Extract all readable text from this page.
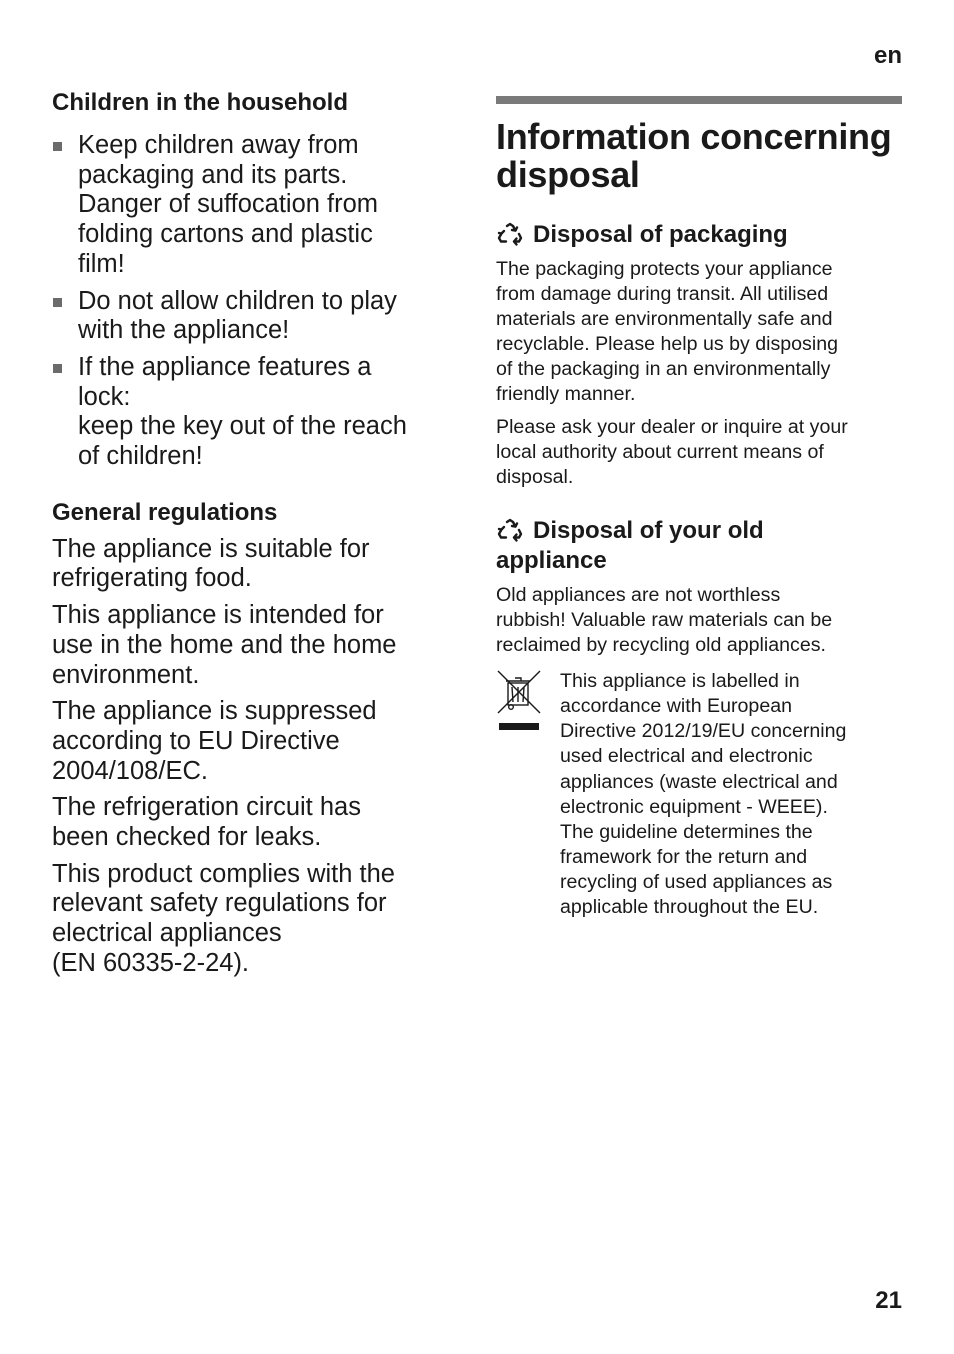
en
Children in the household
Keep children away from
packaging and its parts.
Danger of suffocation from
folding cartons and plastic
film!
Do not allow children to play
with the appliance!
If the appliance features a
lock:
keep the key out of the reach
of children!
General regulations

The appliance is suitable for
refrigerating food.

This appliance is intended for
use in the home and the home
environment.

The appliance is suppressed
according to EU Directive
2004/108/EC.

The refrigeration circuit has
been checked for leaks.

This product complies with the
relevant safety regulations for
electrical appliances
(EN 60335-2-24).

Information concerning
disposal
Disposal of packaging

The packaging protects your appliance
from damage during transit. All utilised
materials are environmentally safe and
recyclable. Please help us by disposing
of the packaging in an environmentally
friendly manner.

Please ask your dealer or inquire at your
local authority about current means of
disposal.

Disposal of your old
appliance

Old appliances are not worthless
rubbish! Valuable raw materials can be
reclaimed by recycling old appliances.

This appliance is labelled in
accordance with European
Directive 2012/19/EU concerning
used electrical and electronic
appliances (waste electrical and
electronic equipment - WEEE).
The guideline determines the
framework for the return and
recycling of used appliances as
applicable throughout the EU.
21
